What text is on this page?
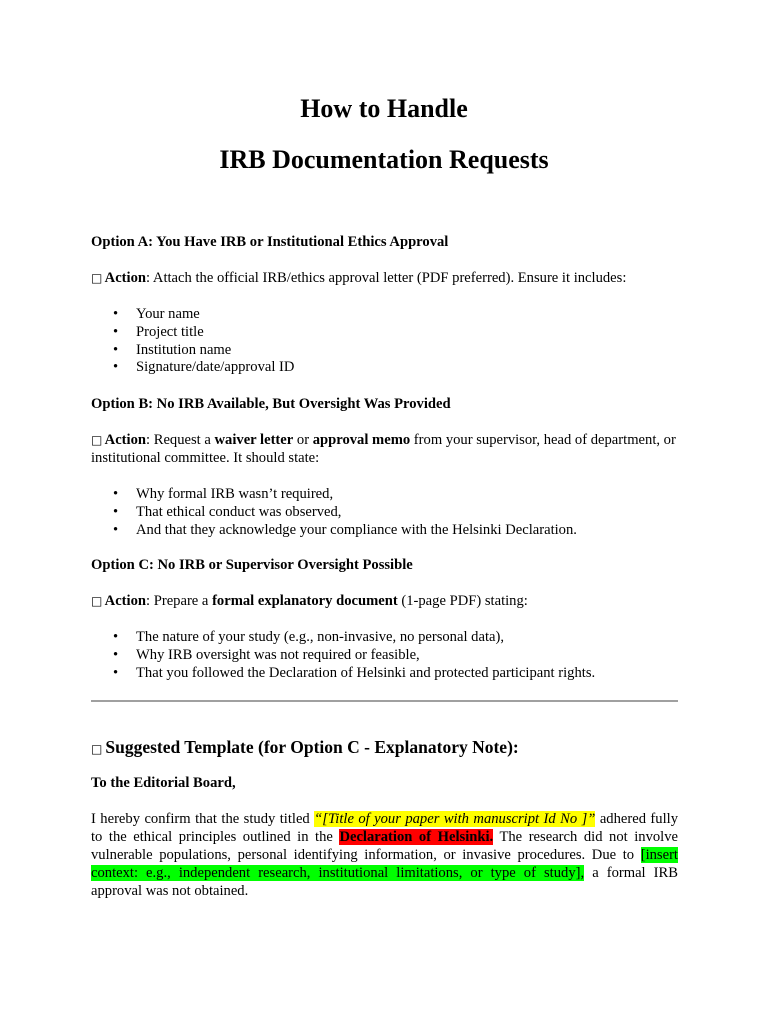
How to Handle
IRB Documentation Requests
Option A: You Have IRB or Institutional Ethics Approval
□ Action: Attach the official IRB/ethics approval letter (PDF preferred). Ensure it includes:
• Your name
• Project title
• Institution name
• Signature/date/approval ID
Option B: No IRB Available, But Oversight Was Provided
□ Action: Request a waiver letter or approval memo from your supervisor, head of department, or institutional committee. It should state:
• Why formal IRB wasn’t required,
• That ethical conduct was observed,
• And that they acknowledge your compliance with the Helsinki Declaration.
Option C: No IRB or Supervisor Oversight Possible
□ Action: Prepare a formal explanatory document (1-page PDF) stating:
• The nature of your study (e.g., non-invasive, no personal data),
• Why IRB oversight was not required or feasible,
• That you followed the Declaration of Helsinki and protected participant rights.
□ Suggested Template (for Option C - Explanatory Note):
To the Editorial Board,
I hereby confirm that the study titled “[Title of your paper with manuscript Id No ]” adhered fully to the ethical principles outlined in the Declaration of Helsinki. The research did not involve vulnerable populations, personal identifying information, or invasive procedures. Due to [insert context: e.g., independent research, institutional limitations, or type of study], a formal IRB approval was not obtained.
